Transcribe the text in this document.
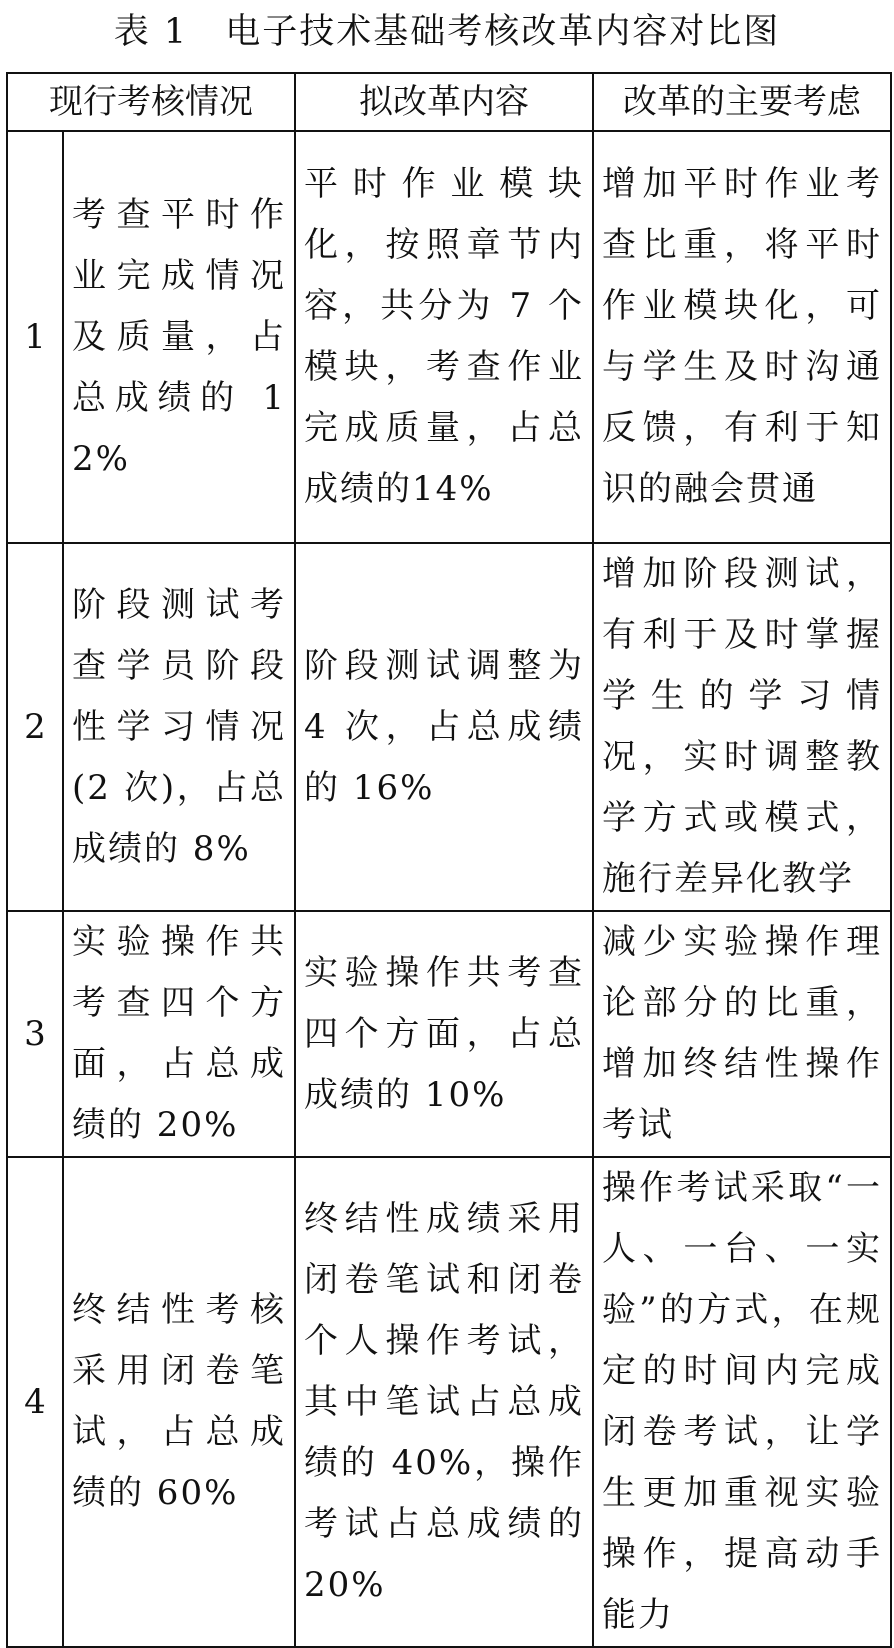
表 1　电子技术基础考核改革内容对比图
现行考核情况		拟改革内容	改革的主要考虑
1	考查平时作业完成情况及质量，占总成绩的 12%	平时作业模块化，按照章节内容，共分为 7 个模块，考查作业完成质量，占总成绩的14%	增加平时作业考查比重，将平时作业模块化，可与学生及时沟通反馈，有利于知识的融会贯通
2	阶段测试考查学员阶段性学习情况 (2 次)，占总成绩的 8%	阶段测试调整为 4 次，占总成绩的 16%	增加阶段测试，有利于及时掌握学生的学习情况，实时调整教学方式或模式，施行差异化教学
3	实验操作共考查四个方面，占总成绩的 20%	实验操作共考查四个方面，占总成绩的 10%	减少实验操作理论部分的比重，增加终结性操作考试
4	终结性考核采用闭卷笔试，占总成绩的 60%	终结性成绩采用闭卷笔试和闭卷个人操作考试，其中笔试占总成绩的 40%，操作考试占总成绩的 20%	操作考试采取“一人、一台、一实验”的方式，在规定的时间内完成闭卷考试，让学生更加重视实验操作，提高动手能力
